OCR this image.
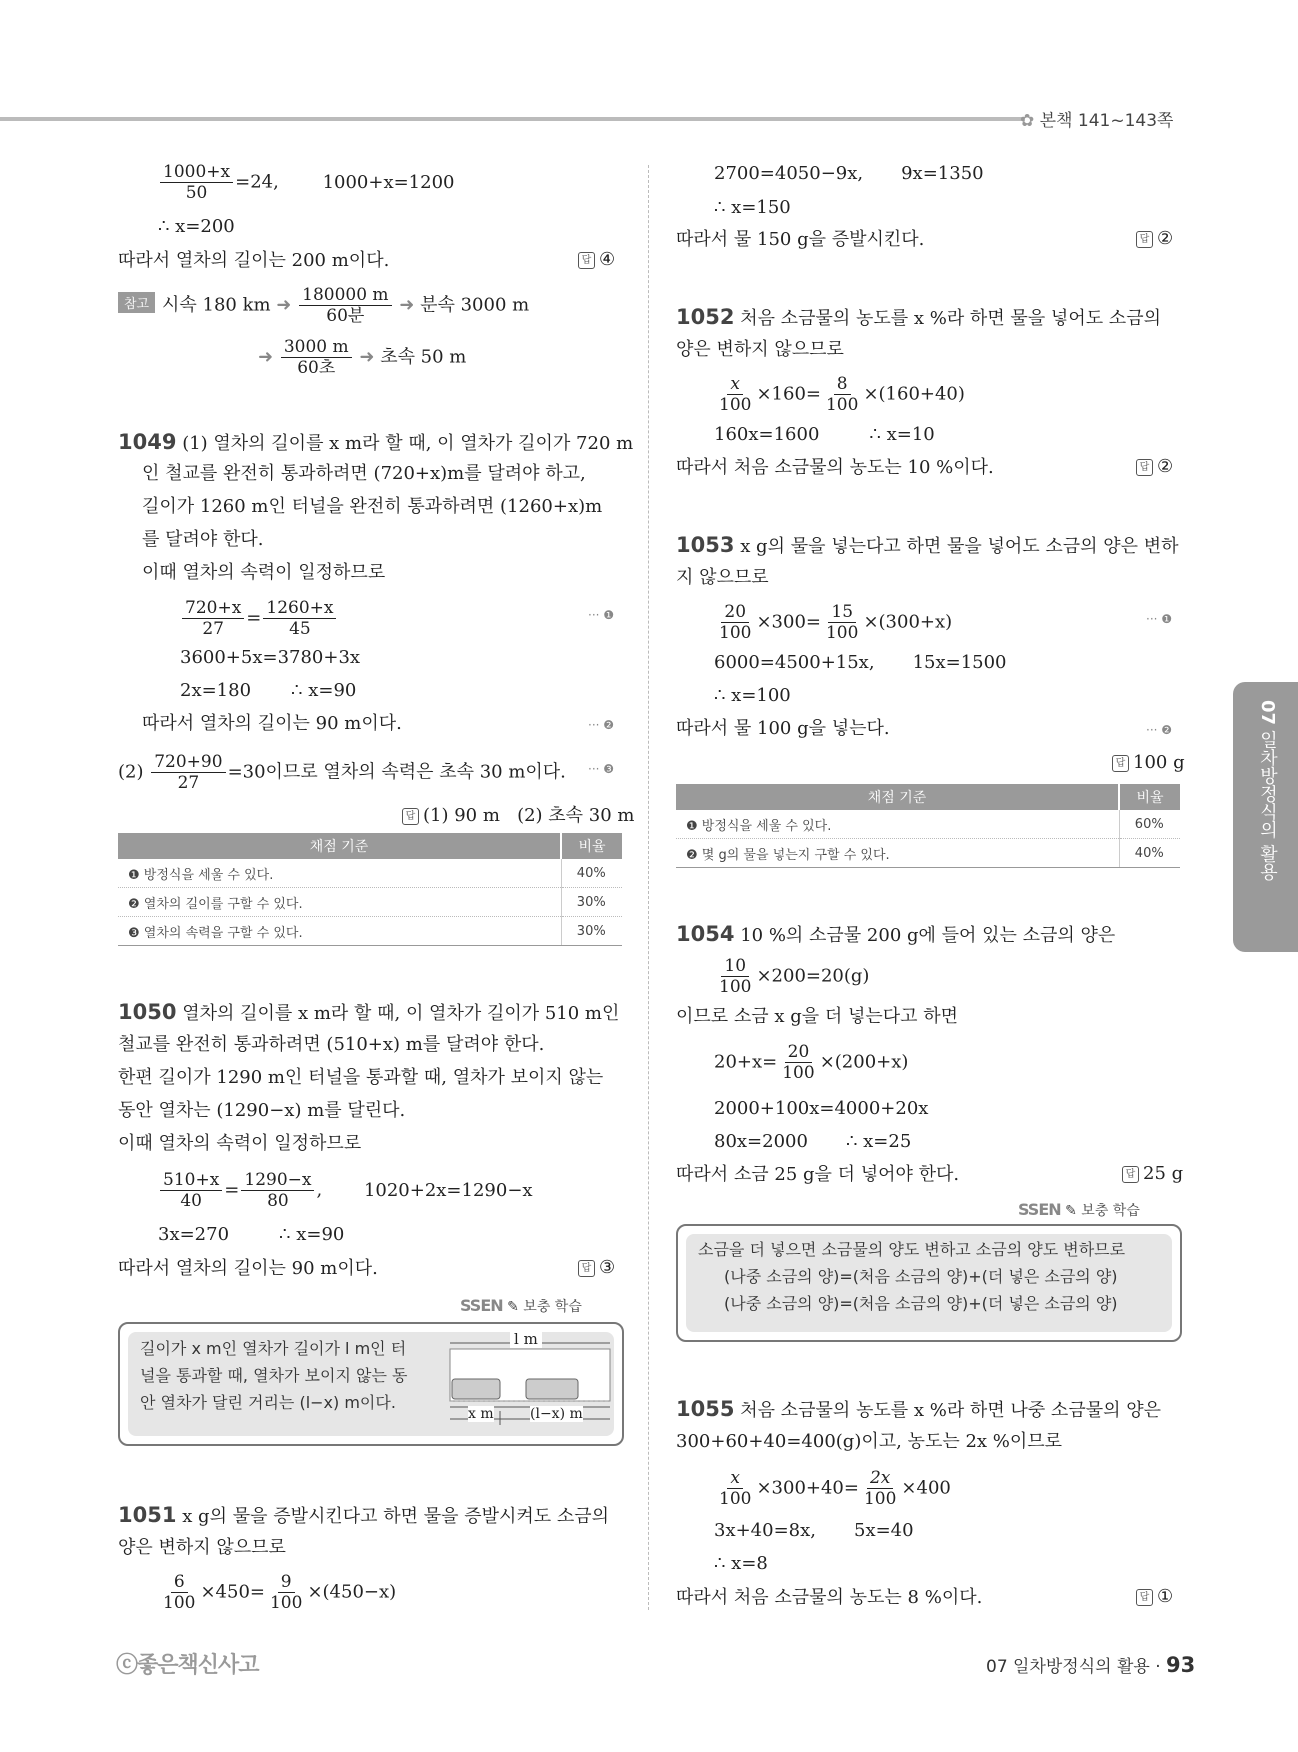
✿ 본책 141~143쪽
07 일차방정식의 활용
$\frac{1000+x}{50} =24$, 1000+x=1200
∴ x=200
따라서 열차의 길이는 200 m이다.	답 ④
참고 시속 180 km ➜ $\frac{180000 m}{\text{60분}}$ ➜ 분속 3000 m
➜ $\frac{3000 m}{\text{60초}}$ ➜ 초속 50 m
1049 (1) 열차의 길이를 x m라 할 때, 이 열차가 길이가 720 m
인 철교를 완전히 통과하려면 (720+x)m를 달려야 하고,
길이가 1260 m인 터널을 완전히 통과하려면 (1260+x)m
를 달려야 한다.
이때 열차의 속력이 일정하므로
$\frac{720+x}{27} = \frac{1260+x}{45}$	··· ❶
3600+5x=3780+3x
2x=180 ∴ x=90
따라서 열차의 길이는 90 m이다.	··· ❷
$(2) \frac{720+90}{27} =30$이므로 열차의 속력은 초속 30 m이다. ··· ❸
답 (1) 90 m   (2) 초속 30 m
채점 기준	비율
❶ 방정식을 세울 수 있다.	40%
❷ 열차의 길이를 구할 수 있다.	30%
❸ 열차의 속력을 구할 수 있다.	30%
1050 열차의 길이를 x m라 할 때, 이 열차가 길이가 510 m인
철교를 완전히 통과하려면 (510+x) m를 달려야 한다.
한편 길이가 1290 m인 터널을 통과할 때, 열차가 보이지 않는
동안 열차는 (1290−x) m를 달린다.
이때 열차의 속력이 일정하므로
$\frac{510+x}{40} = \frac{1290-x}{80}$ , 1020+2x=1290−x
3x=270	∴ x=90
따라서 열차의 길이는 90 m이다.	답 ③
SSEN ✎ 보충 학습
길이가 x m인 열차가 길이가 l m인 터
널을 통과할 때, 열차가 보이지 않는 동
안 열차가 달린 거리는 (l−x) m이다.
l m
x m	(l−x) m
1051 x g의 물을 증발시킨다고 하면 물을 증발시켜도 소금의
양은 변하지 않으므로
$\frac{6}{100} \times 450= \frac{9}{100} \times(450-x)$
2700=4050−9x, 9x=1350
∴ x=150
따라서 물 150 g을 증발시킨다.	답 ②
1052 처음 소금물의 농도를 x %라 하면 물을 넣어도 소금의
양은 변하지 않으므로
$\frac{x}{100} \times 160= \frac{8}{100} \times(160+40)$
160x=1600	∴ x=10
따라서 처음 소금물의 농도는 10 %이다.	답 ②
1053 x g의 물을 넣는다고 하면 물을 넣어도 소금의 양은 변하
지 않으므로
$\frac{20}{100} \times 300= \frac{15}{100} \times(300+x)$	··· ❶
6000=4500+15x, 15x=1500
∴ x=100
따라서 물 100 g을 넣는다.	··· ❷
답 100 g
채점 기준	비율
❶ 방정식을 세울 수 있다.	60%
❷ 몇 g의 물을 넣는지 구할 수 있다.	40%
1054 10 %의 소금물 200 g에 들어 있는 소금의 양은
$\frac{10}{100} \times 200=20(g)$
이므로 소금 x g을 더 넣는다고 하면
$20+x= \frac{20}{100} \times(200+x)$
2000+100x=4000+20x
80x=2000 ∴ x=25
따라서 소금 25 g을 더 넣어야 한다.	답 25 g
SSEN ✎ 보충 학습
소금을 더 넣으면 소금물의 양도 변하고 소금의 양도 변하므로
(나중 소금의 양)=(처음 소금의 양)+(더 넣은 소금의 양)
(나중 소금의 양)=(처음 소금의 양)+(더 넣은 소금의 양)
1055 처음 소금물의 농도를 x %라 하면 나중 소금물의 양은
300+60+40=400(g)이고, 농도는 2x %이므로
$\frac{x}{100} \times 300+40= \frac{2x}{100} \times 400$
3x+40=8x, 5x=40
∴ x=8
따라서 처음 소금물의 농도는 8 %이다.	답 ①
ⓒ좋은책신사고	07 일차방정식의 활용 · 93
